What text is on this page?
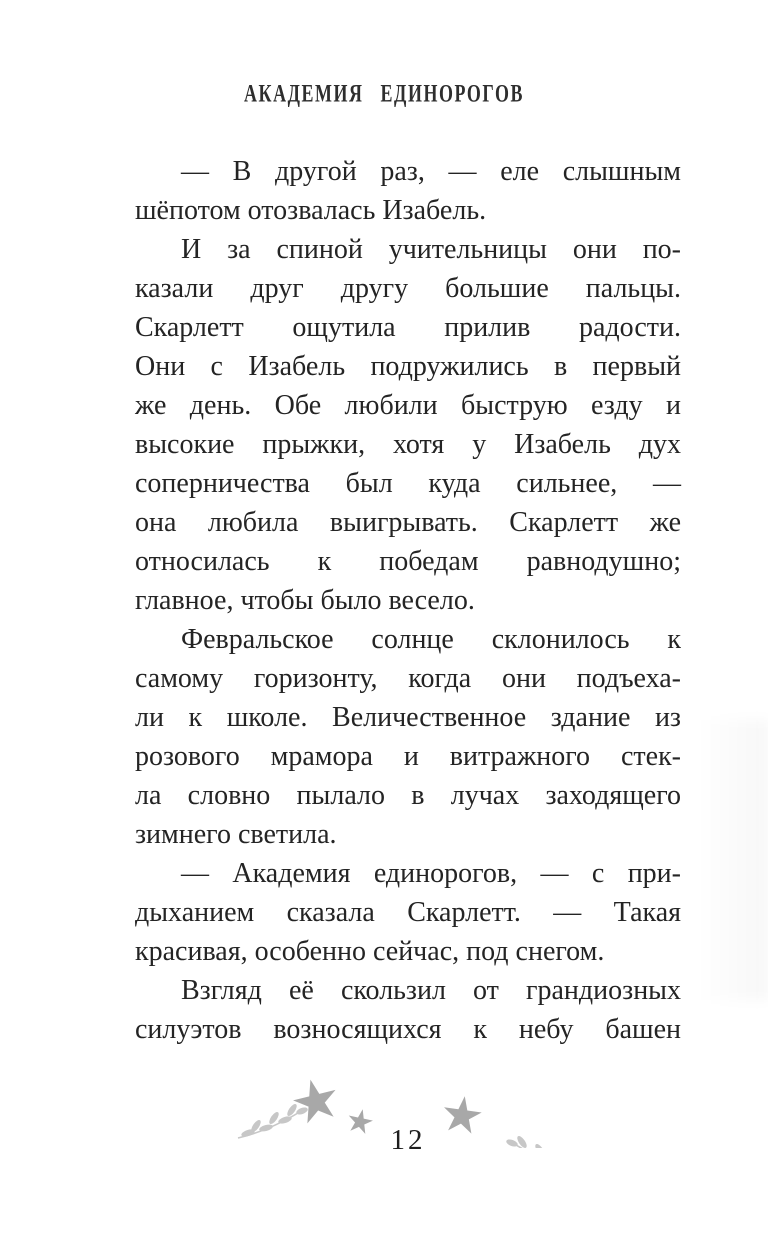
АКАДЕМИЯ ЕДИНОРОГОВ
— В другой раз, — еле слышным
шёпотом отозвалась Изабель.
И за спиной учительницы они по-
казали друг другу большие пальцы.
Скарлетт ощутила прилив радости.
Они с Изабель подружились в первый
же день. Обе любили быструю езду и
высокие прыжки, хотя у Изабель дух
соперничества был куда сильнее, —
она любила выигрывать. Скарлетт же
относилась к победам равнодушно;
главное, чтобы было весело.
Февральское солнце склонилось к
самому горизонту, когда они подъеха-
ли к школе. Величественное здание из
розового мрамора и витражного стек-
ла словно пылало в лучах заходящего
зимнего светила.
— Академия единорогов, — с при-
дыханием сказала Скарлетт. — Такая
красивая, особенно сейчас, под снегом.
Взгляд её скользил от грандиозных
силуэтов возносящихся к небу башен
12
